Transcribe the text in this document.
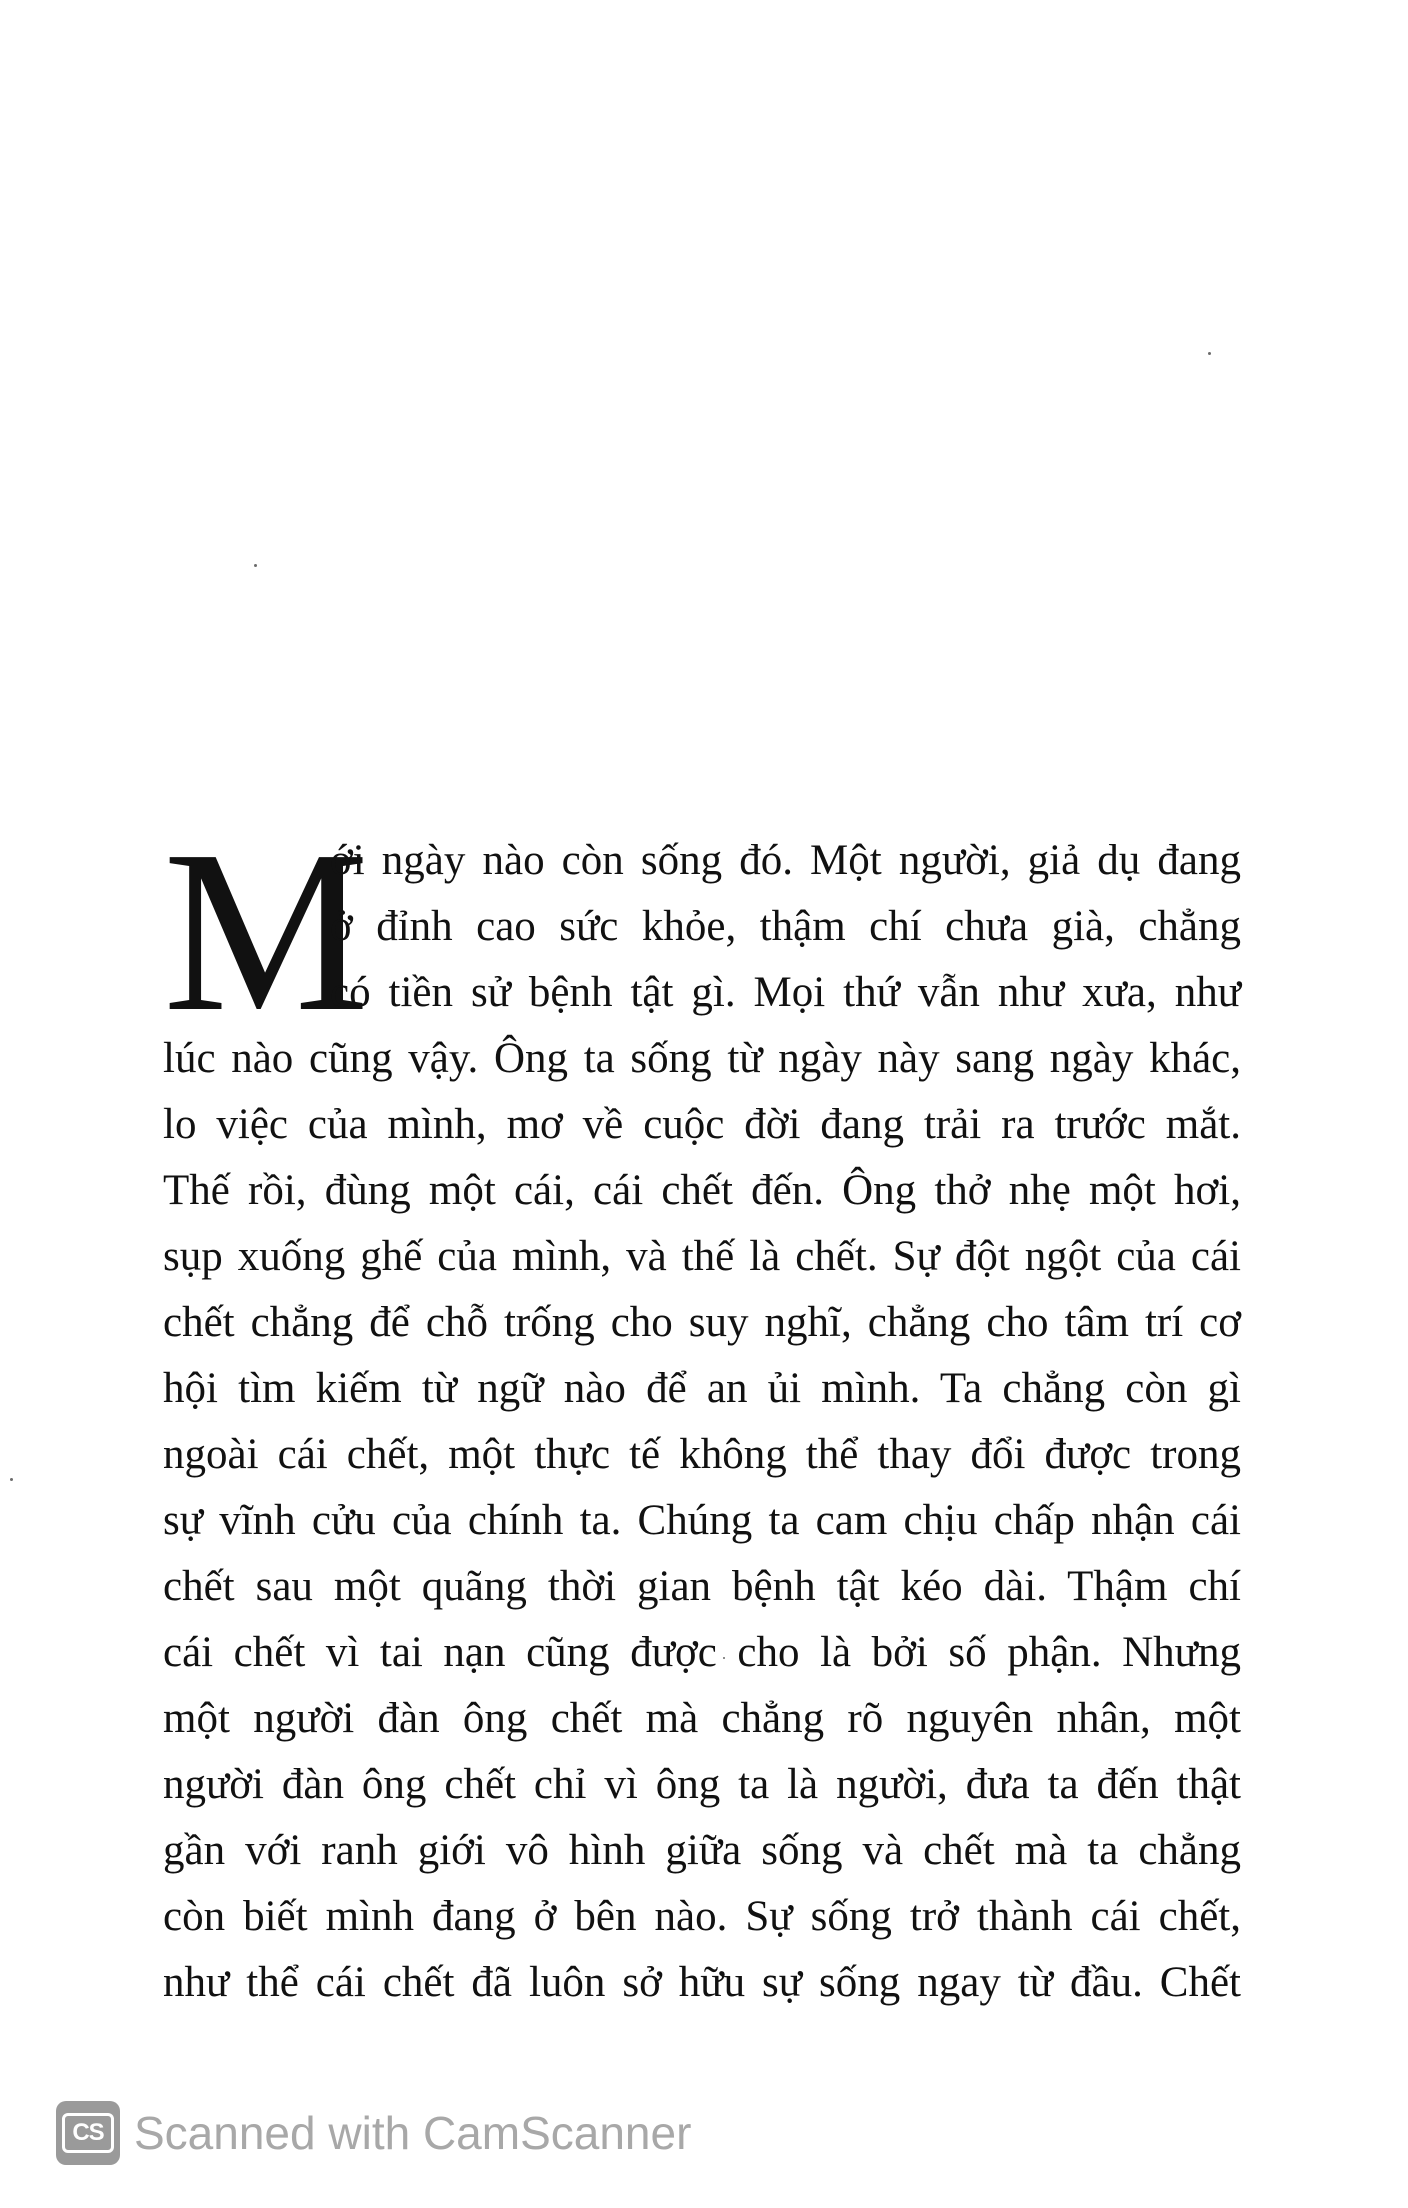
M
ới ngày nào còn sống đó. Một người, giả dụ đang
ở đỉnh cao sức khỏe, thậm chí chưa già, chẳng
có tiền sử bệnh tật gì. Mọi thứ vẫn như xưa, như
lúc nào cũng vậy. Ông ta sống từ ngày này sang ngày khác,
lo việc của mình, mơ về cuộc đời đang trải ra trước mắt.
Thế rồi, đùng một cái, cái chết đến. Ông thở nhẹ một hơi,
sụp xuống ghế của mình, và thế là chết. Sự đột ngột của cái
chết chẳng để chỗ trống cho suy nghĩ, chẳng cho tâm trí cơ
hội tìm kiếm từ ngữ nào để an ủi mình. Ta chẳng còn gì
ngoài cái chết, một thực tế không thể thay đổi được trong
sự vĩnh cửu của chính ta. Chúng ta cam chịu chấp nhận cái
chết sau một quãng thời gian bệnh tật kéo dài. Thậm chí
cái chết vì tai nạn cũng được cho là bởi số phận. Nhưng
một người đàn ông chết mà chẳng rõ nguyên nhân, một
người đàn ông chết chỉ vì ông ta là người, đưa ta đến thật
gần với ranh giới vô hình giữa sống và chết mà ta chẳng
còn biết mình đang ở bên nào. Sự sống trở thành cái chết,
như thể cái chết đã luôn sở hữu sự sống ngay từ đầu. Chết
CS Scanned with CamScanner
